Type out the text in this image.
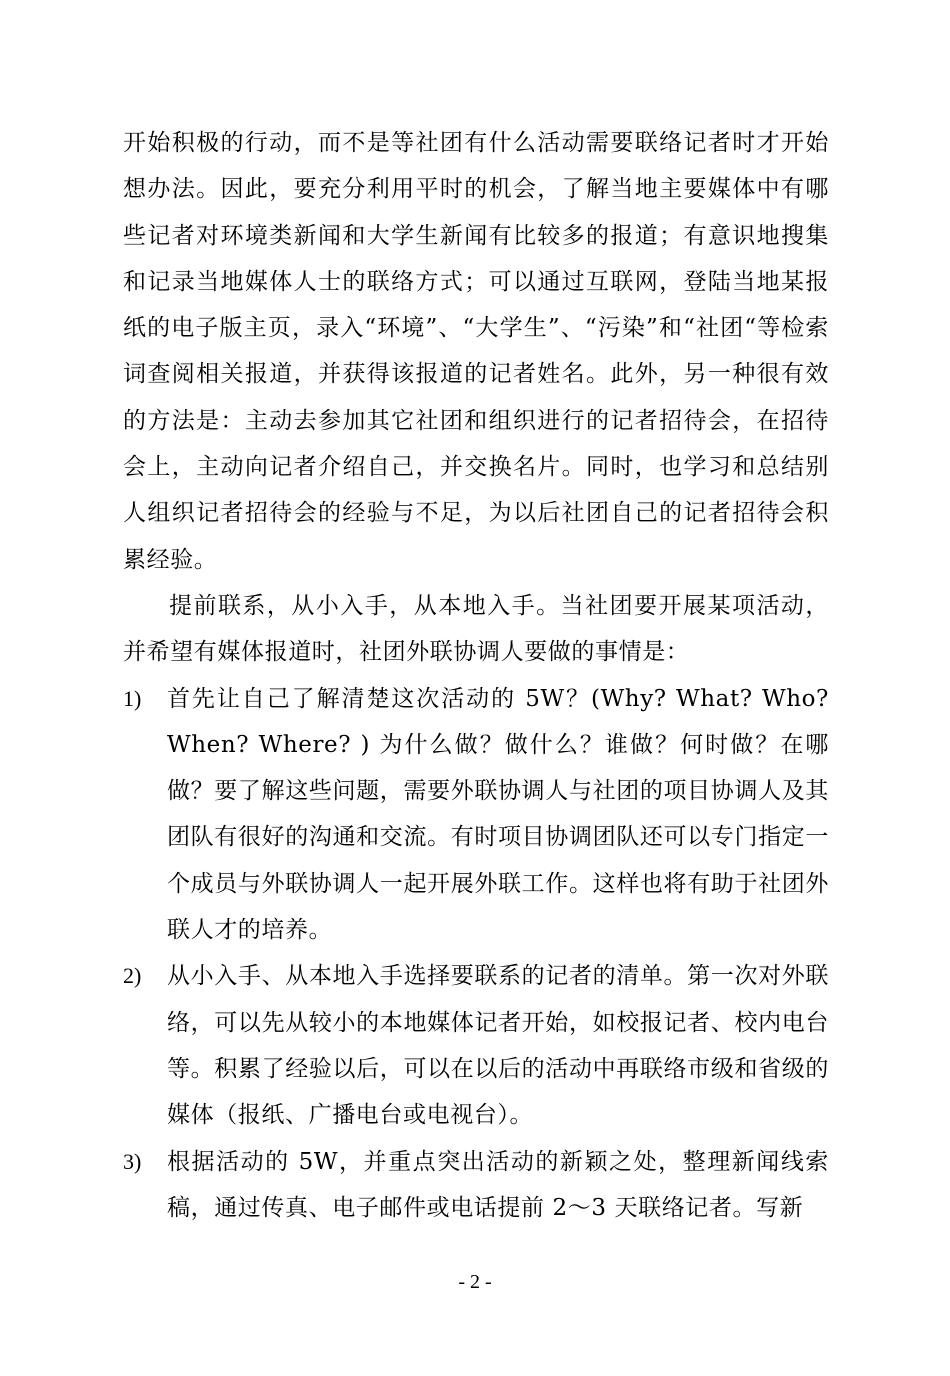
开始积极的行动，而不是等社团有什么活动需要联络记者时才开始想办法。因此，要充分利用平时的机会，了解当地主要媒体中有哪些记者对环境类新闻和大学生新闻有比较多的报道；有意识地搜集和记录当地媒体人士的联络方式；可以通过互联网，登陆当地某报纸的电子版主页，录入“环境”、“大学生”、“污染”和“社团“等检索词查阅相关报道，并获得该报道的记者姓名。此外，另一种很有效的方法是：主动去参加其它社团和组织进行的记者招待会，在招待会上，主动向记者介绍自己，并交换名片。同时，也学习和总结别人组织记者招待会的经验与不足，为以后社团自己的记者招待会积累经验。

提前联系，从小入手，从本地入手。当社团要开展某项活动，并希望有媒体报道时，社团外联协调人要做的事情是：

1) 首先让自己了解清楚这次活动的 5W？(Why? What? Who? When? Where? ) 为什么做？做什么？谁做？何时做？在哪做？要了解这些问题，需要外联协调人与社团的项目协调人及其团队有很好的沟通和交流。有时项目协调团队还可以专门指定一个成员与外联协调人一起开展外联工作。这样也将有助于社团外联人才的培养。

2) 从小入手、从本地入手选择要联系的记者的清单。第一次对外联络，可以先从较小的本地媒体记者开始，如校报记者、校内电台等。积累了经验以后，可以在以后的活动中再联络市级和省级的媒体（报纸、广播电台或电视台）。

3) 根据活动的 5W，并重点突出活动的新颖之处，整理新闻线索稿，通过传真、电子邮件或电话提前 2～3 天联络记者。写新

- 2 -
